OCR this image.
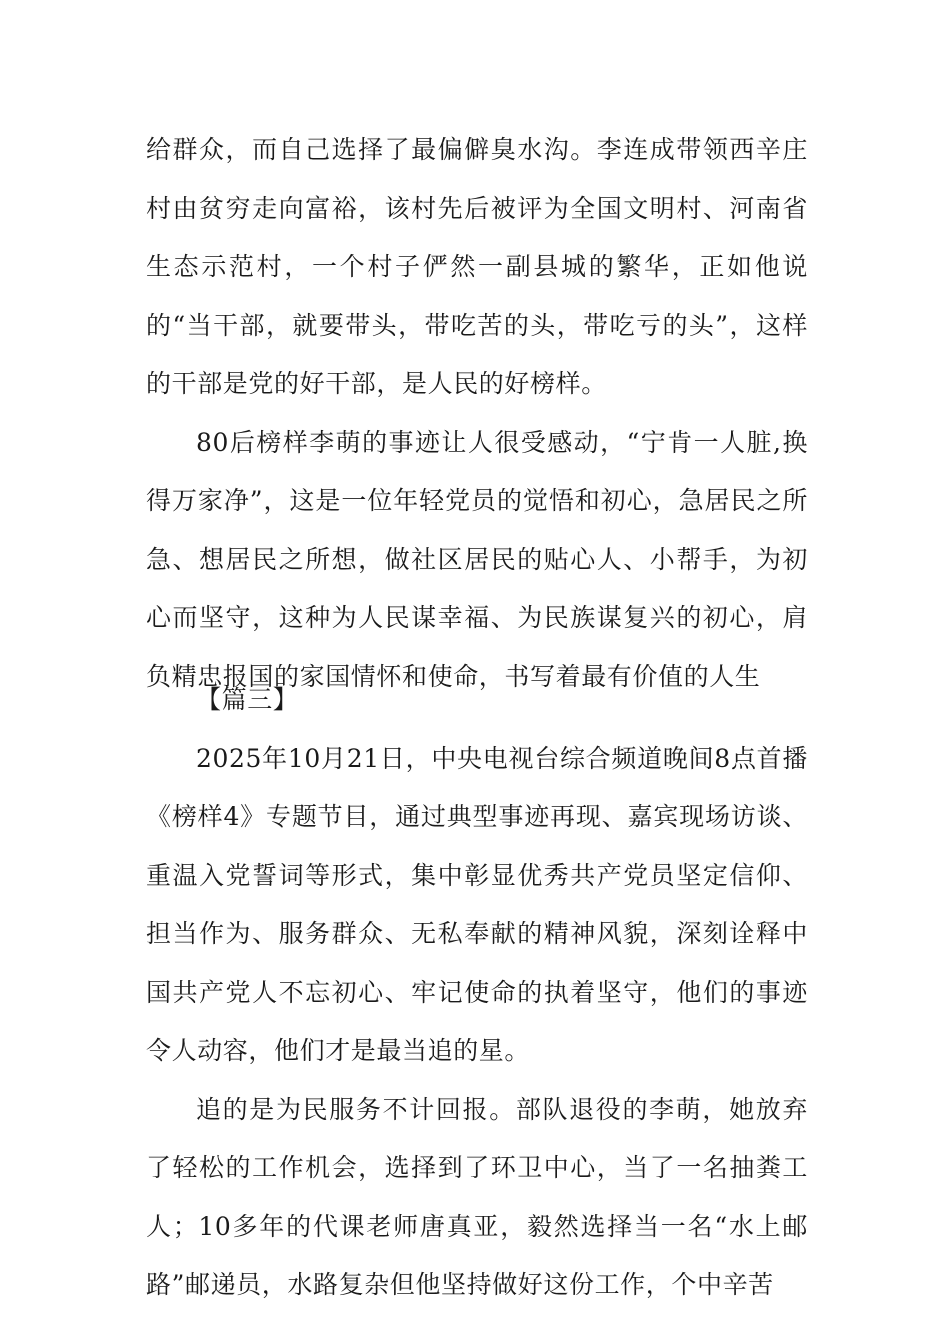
给群众，而自己选择了最偏僻臭水沟。李连成带领西辛庄村由贫穷走向富裕，该村先后被评为全国文明村、河南省生态示范村，一个村子俨然一副县城的繁华，正如他说的“当干部，就要带头，带吃苦的头，带吃亏的头”，这样的干部是党的好干部，是人民的好榜样。

80后榜样李萌的事迹让人很受感动，“宁肯一人脏,换得万家净”，这是一位年轻党员的觉悟和初心，急居民之所急、想居民之所想，做社区居民的贴心人、小帮手，为初心而坚守，这种为人民谋幸福、为民族谋复兴的初心，肩负精忠报国的家国情怀和使命，书写着最有价值的人生

【篇三】

2025年10月21日，中央电视台综合频道晚间8点首播《榜样4》专题节目，通过典型事迹再现、嘉宾现场访谈、重温入党誓词等形式，集中彰显优秀共产党员坚定信仰、担当作为、服务群众、无私奉献的精神风貌，深刻诠释中国共产党人不忘初心、牢记使命的执着坚守，他们的事迹令人动容，他们才是最当追的星。

追的是为民服务不计回报。部队退役的李萌，她放弃了轻松的工作机会，选择到了环卫中心，当了一名抽粪工人；10多年的代课老师唐真亚，毅然选择当一名“水上邮路”邮递员，水路复杂但他坚持做好这份工作，个中辛苦
